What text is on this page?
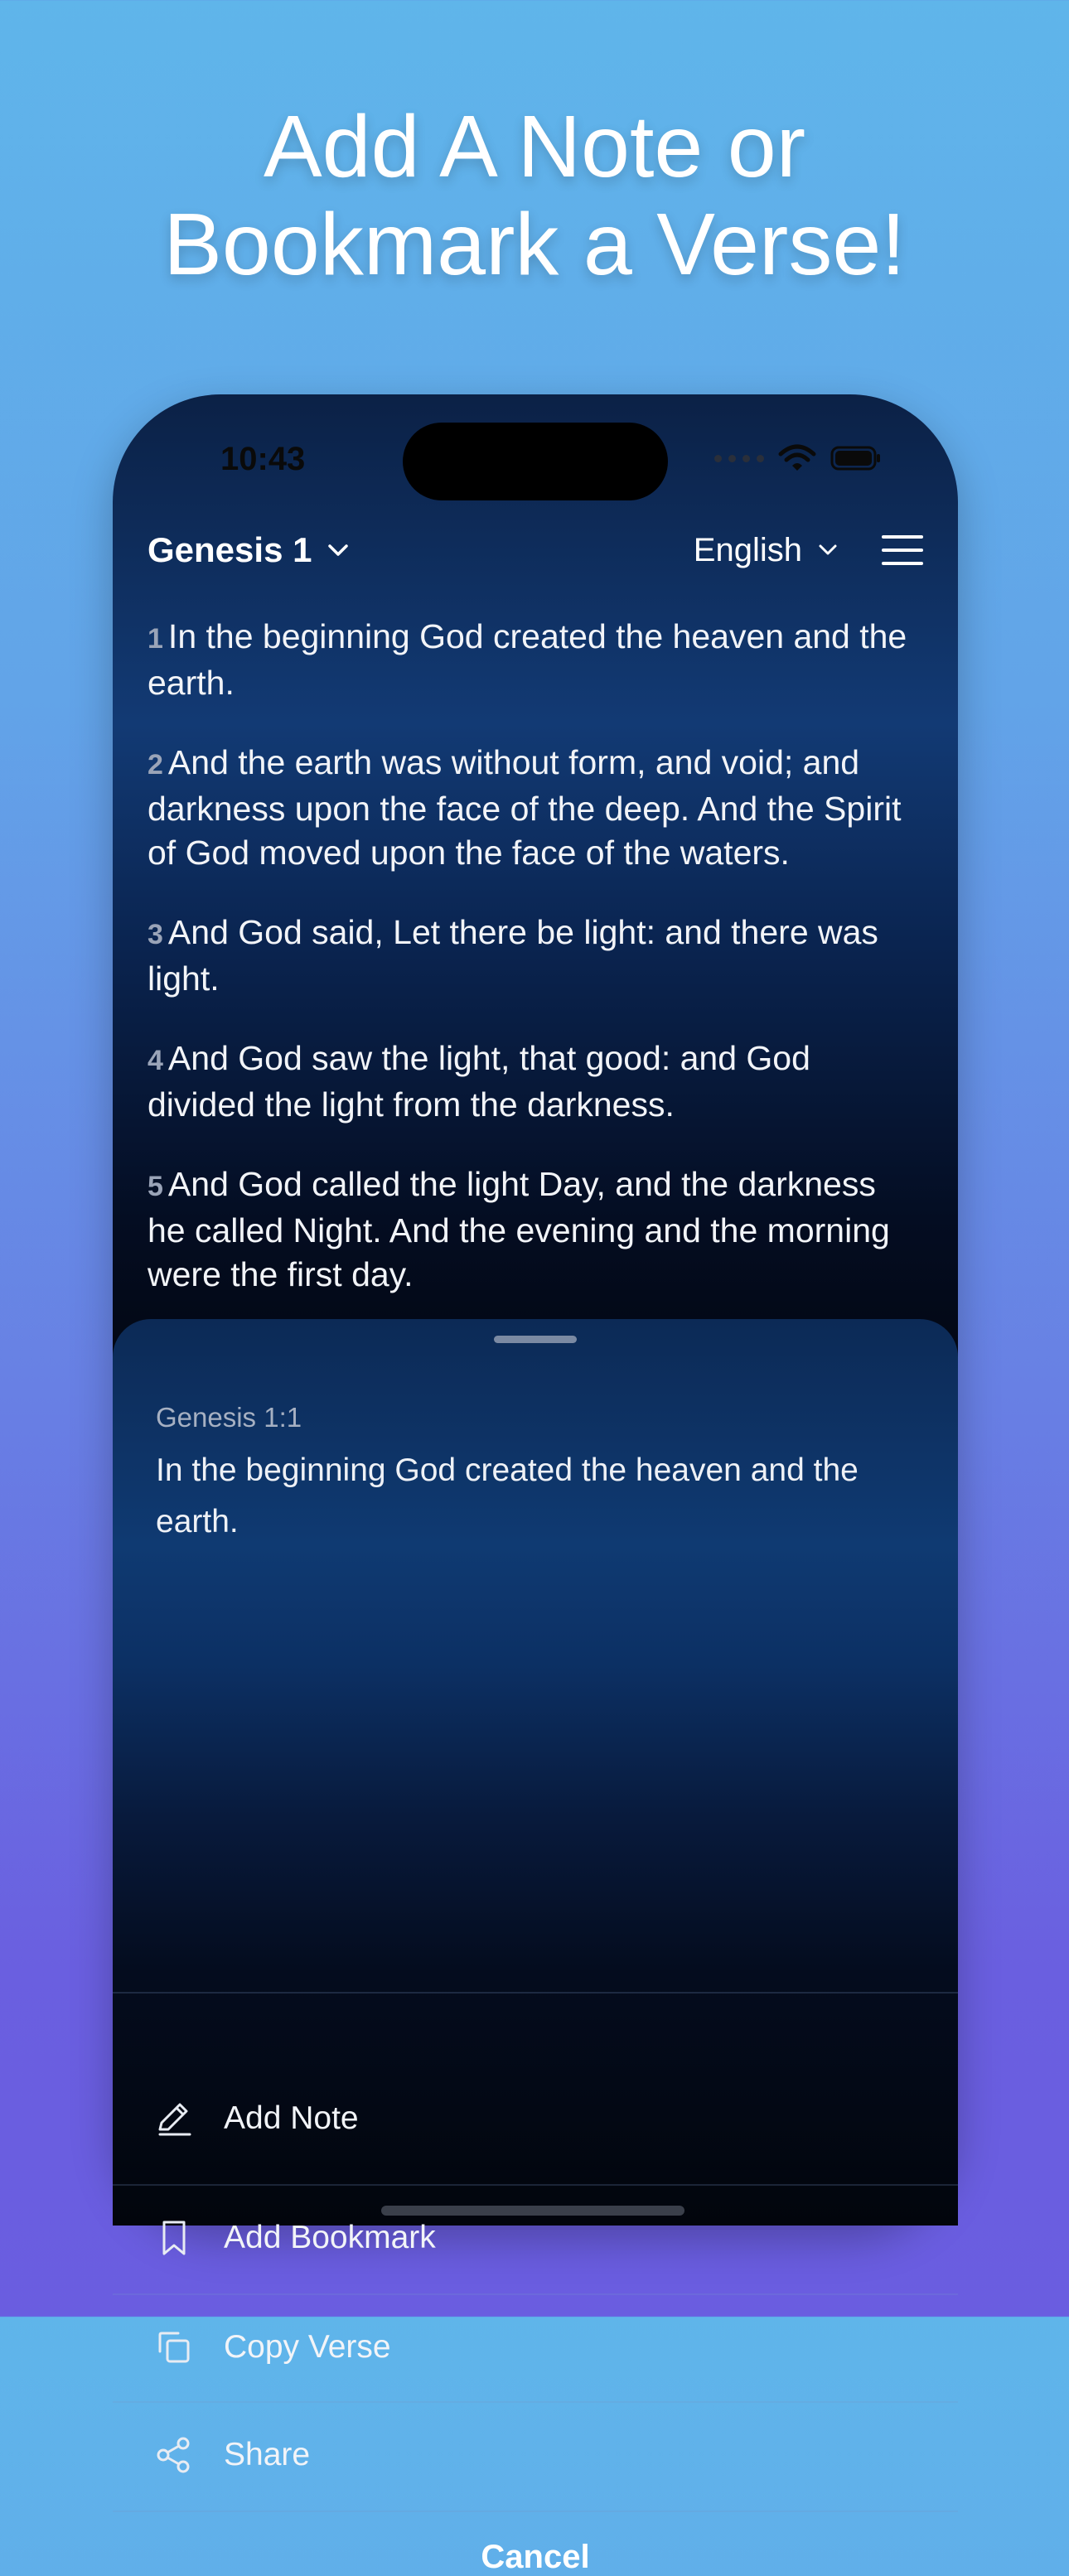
Add A Note or
Bookmark a Verse!
10:43
Genesis 1	English

1 In the beginning God created the heaven and the earth.

2 And the earth was without form, and void; and darkness upon the face of the deep. And the Spirit of God moved upon the face of the waters.

3 And God said, Let there be light: and there was light.

4 And God saw the light, that good: and God divided the light from the darkness.

5 And God called the light Day, and the darkness he called Night. And the evening and the morning were the first day.

Genesis 1:1
In the beginning God created the heaven and the earth.
Add Note
Add Bookmark
Copy Verse
Share
Cancel
